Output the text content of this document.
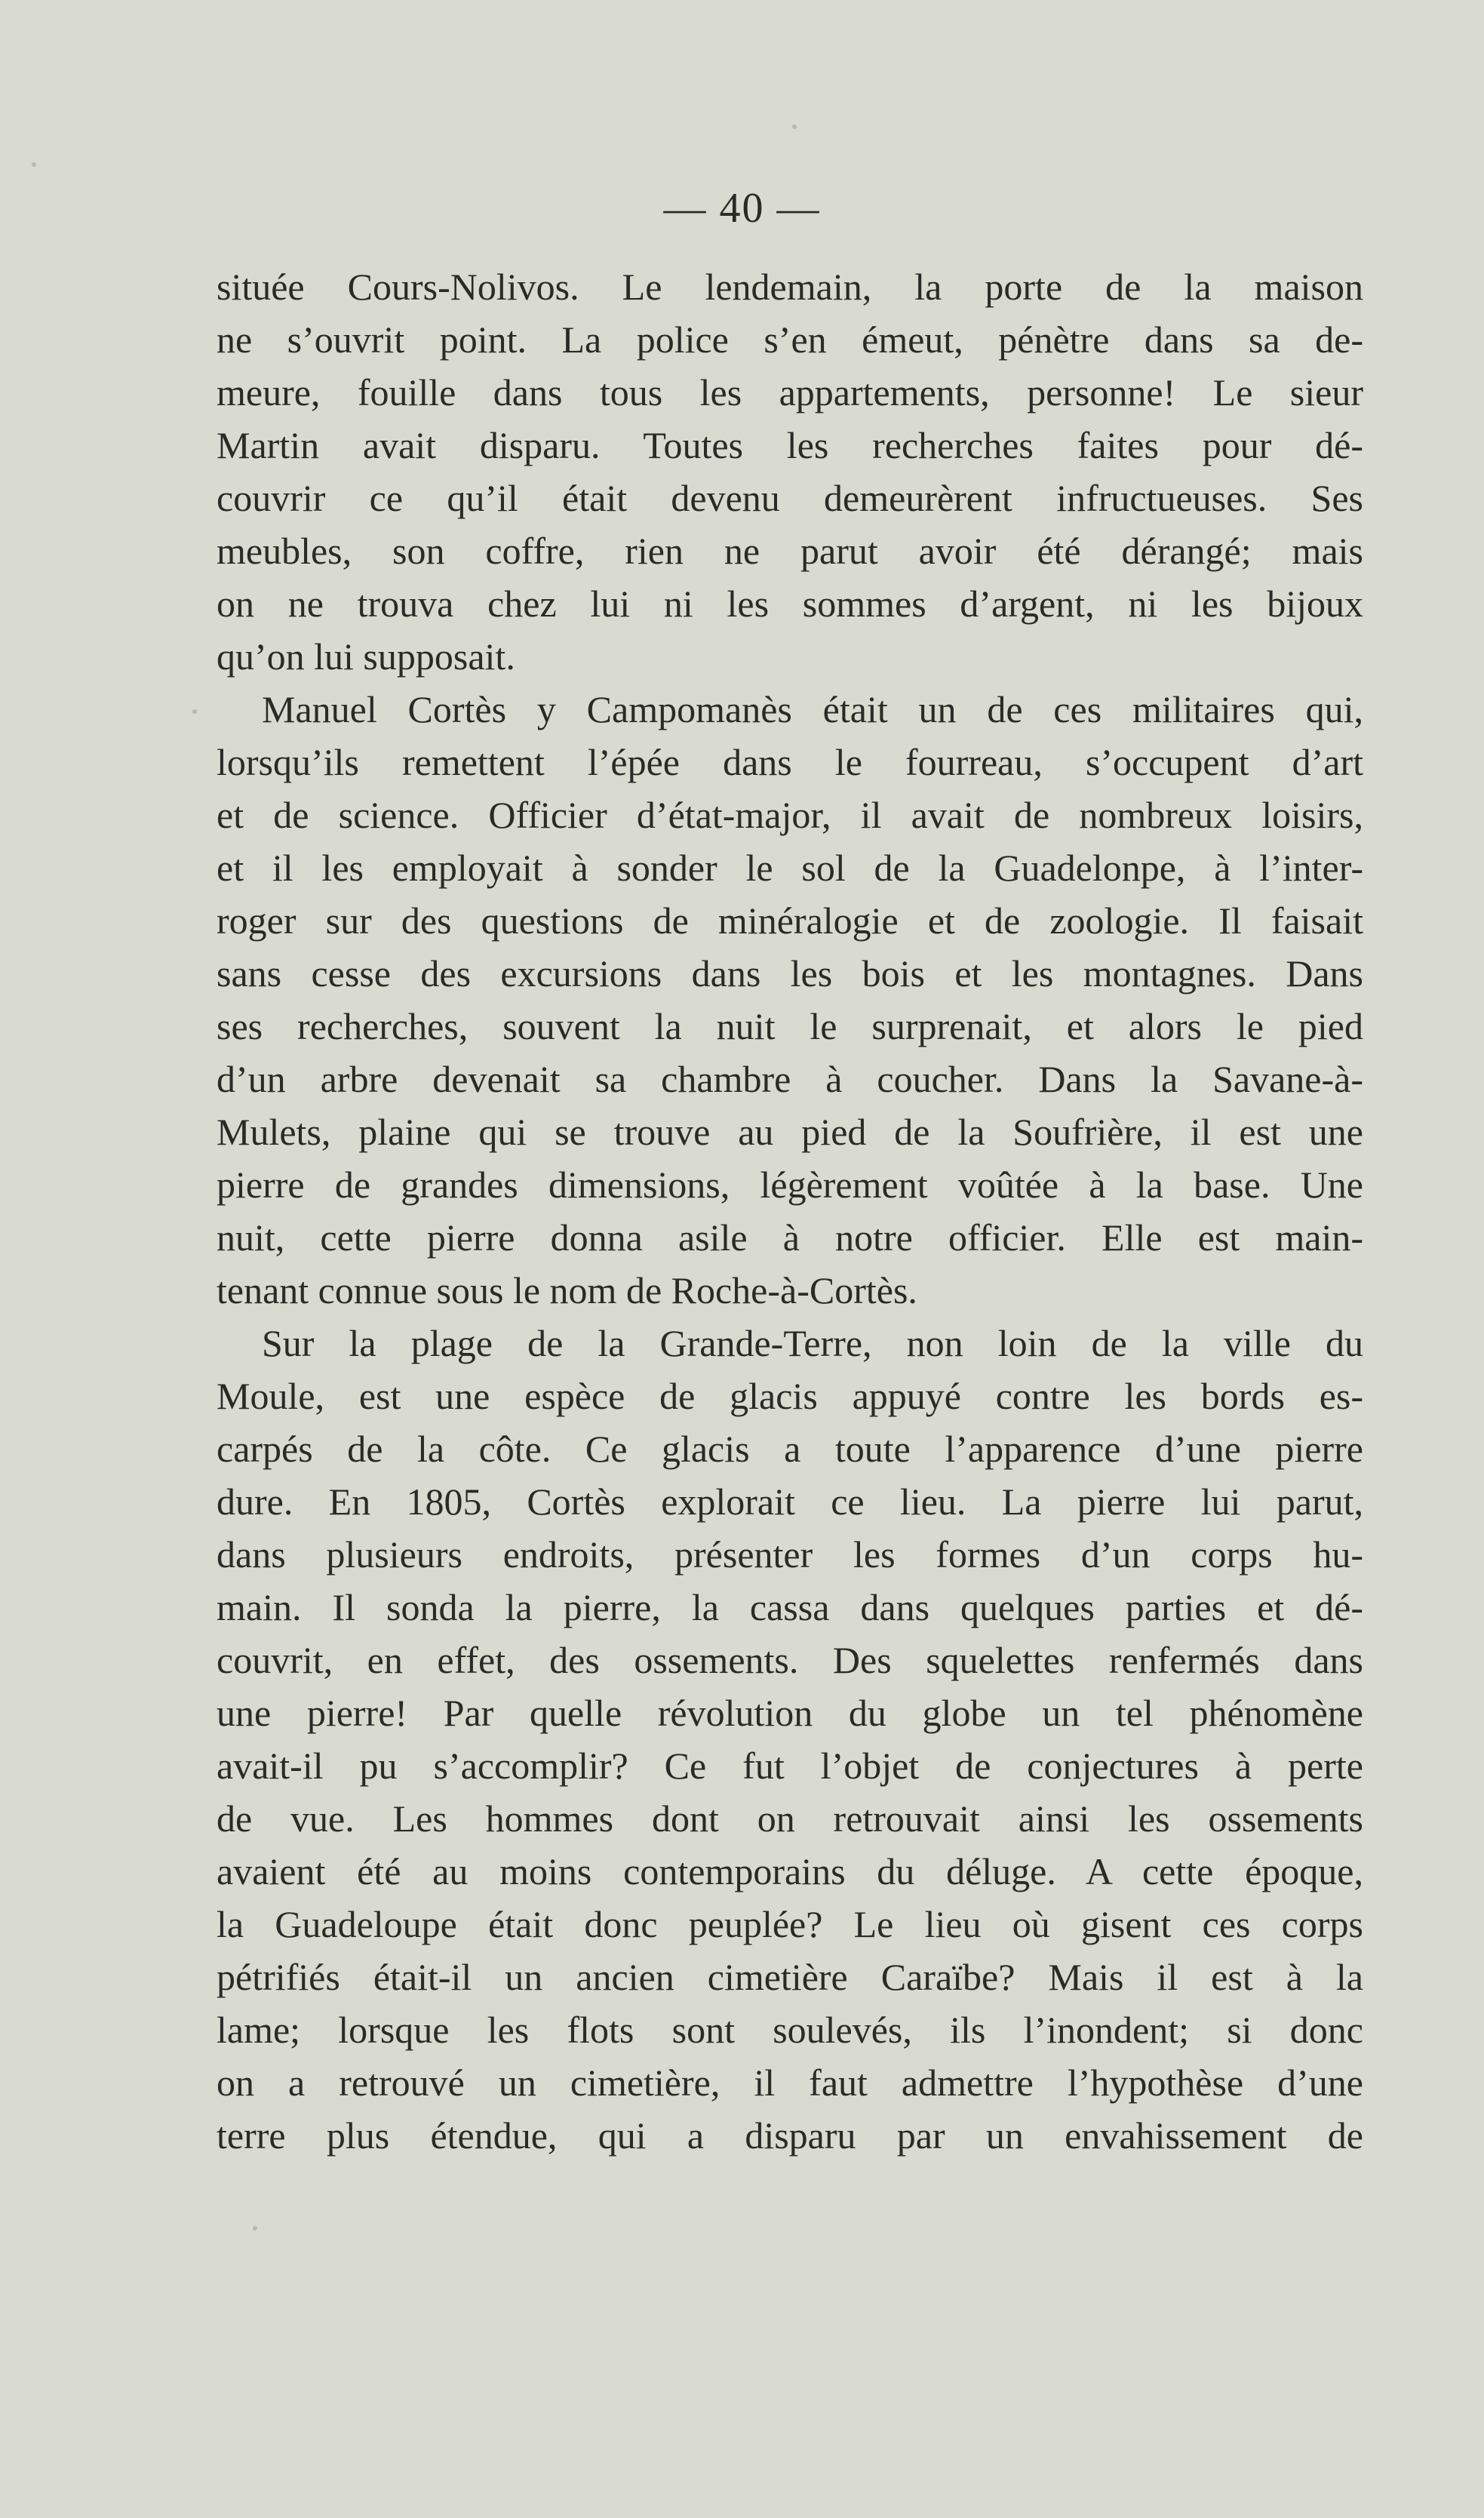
— 40 —
située Cours-Nolivos. Le lendemain, la porte de la maison
ne s’ouvrit point. La police s’en émeut, pénètre dans sa de-
meure, fouille dans tous les appartements, personne! Le sieur
Martin avait disparu. Toutes les recherches faites pour dé-
couvrir ce qu’il était devenu demeurèrent infructueuses. Ses
meubles, son coffre, rien ne parut avoir été dérangé; mais
on ne trouva chez lui ni les sommes d’argent, ni les bijoux
qu’on lui supposait.
Manuel Cortès y Campomanès était un de ces militaires qui,
lorsqu’ils remettent l’épée dans le fourreau, s’occupent d’art
et de science. Officier d’état-major, il avait de nombreux loisirs,
et il les employait à sonder le sol de la Guadelonpe, à l’inter-
roger sur des questions de minéralogie et de zoologie. Il faisait
sans cesse des excursions dans les bois et les montagnes. Dans
ses recherches, souvent la nuit le surprenait, et alors le pied
d’un arbre devenait sa chambre à coucher. Dans la Savane-à-
Mulets, plaine qui se trouve au pied de la Soufrière, il est une
pierre de grandes dimensions, légèrement voûtée à la base. Une
nuit, cette pierre donna asile à notre officier. Elle est main-
tenant connue sous le nom de Roche-à-Cortès.
Sur la plage de la Grande-Terre, non loin de la ville du
Moule, est une espèce de glacis appuyé contre les bords es-
carpés de la côte. Ce glacis a toute l’apparence d’une pierre
dure. En 1805, Cortès explorait ce lieu. La pierre lui parut,
dans plusieurs endroits, présenter les formes d’un corps hu-
main. Il sonda la pierre, la cassa dans quelques parties et dé-
couvrit, en effet, des ossements. Des squelettes renfermés dans
une pierre! Par quelle révolution du globe un tel phénomène
avait-il pu s’accomplir? Ce fut l’objet de conjectures à perte
de vue. Les hommes dont on retrouvait ainsi les ossements
avaient été au moins contemporains du déluge. A cette époque,
la Guadeloupe était donc peuplée? Le lieu où gisent ces corps
pétrifiés était-il un ancien cimetière Caraïbe? Mais il est à la
lame; lorsque les flots sont soulevés, ils l’inondent; si donc
on a retrouvé un cimetière, il faut admettre l’hypothèse d’une
terre plus étendue, qui a disparu par un envahissement de
